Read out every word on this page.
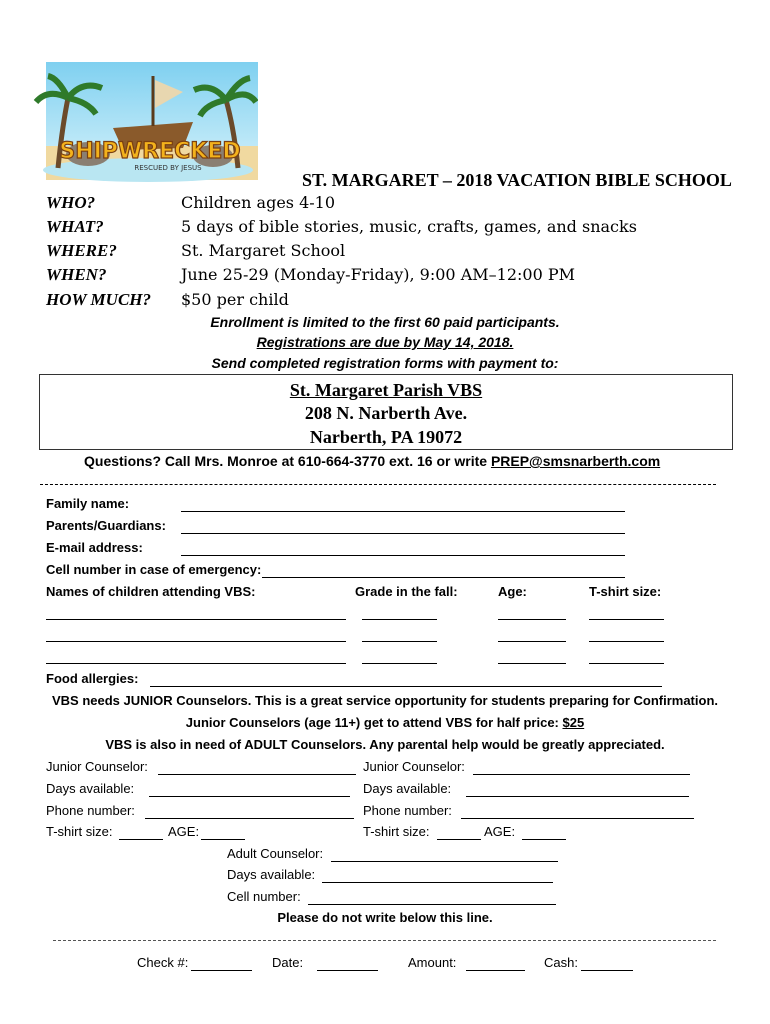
SHIPWRECKED
RESCUED BY JESUS
ST. MARGARET – 2018 VACATION BIBLE SCHOOL
WHO?	Children ages 4-10
WHAT?	5 days of bible stories, music, crafts, games, and snacks
WHERE?	St. Margaret School
WHEN?	June 25-29 (Monday-Friday), 9:00 AM–12:00 PM
HOW MUCH? $50 per child
Enrollment is limited to the first 60 paid participants.
Registrations are due by May 14, 2018.
Send completed registration forms with payment to:
St. Margaret Parish VBS
208 N. Narberth Ave.
Narberth, PA 19072
Questions? Call Mrs. Monroe at 610-664-3770 ext. 16 or write PREP@smsnarberth.com
Family name:
Parents/Guardians:
E-mail address:
Cell number in case of emergency:
Names of children attending VBS:	Grade in the fall:	Age:	T-shirt size:
Food allergies:
VBS needs JUNIOR Counselors. This is a great service opportunity for students preparing for Confirmation.
Junior Counselors (age 11+) get to attend VBS for half price: $25
VBS is also in need of ADULT Counselors. Any parental help would be greatly appreciated.
Junior Counselor:
Days available:
Phone number:
T-shirt size:	AGE:
Junior Counselor:
Days available:
Phone number:
T-shirt size:	AGE:
Adult Counselor:
Days available:
Cell number:
Please do not write below this line.
Check #:	Date:	Amount:	Cash:
